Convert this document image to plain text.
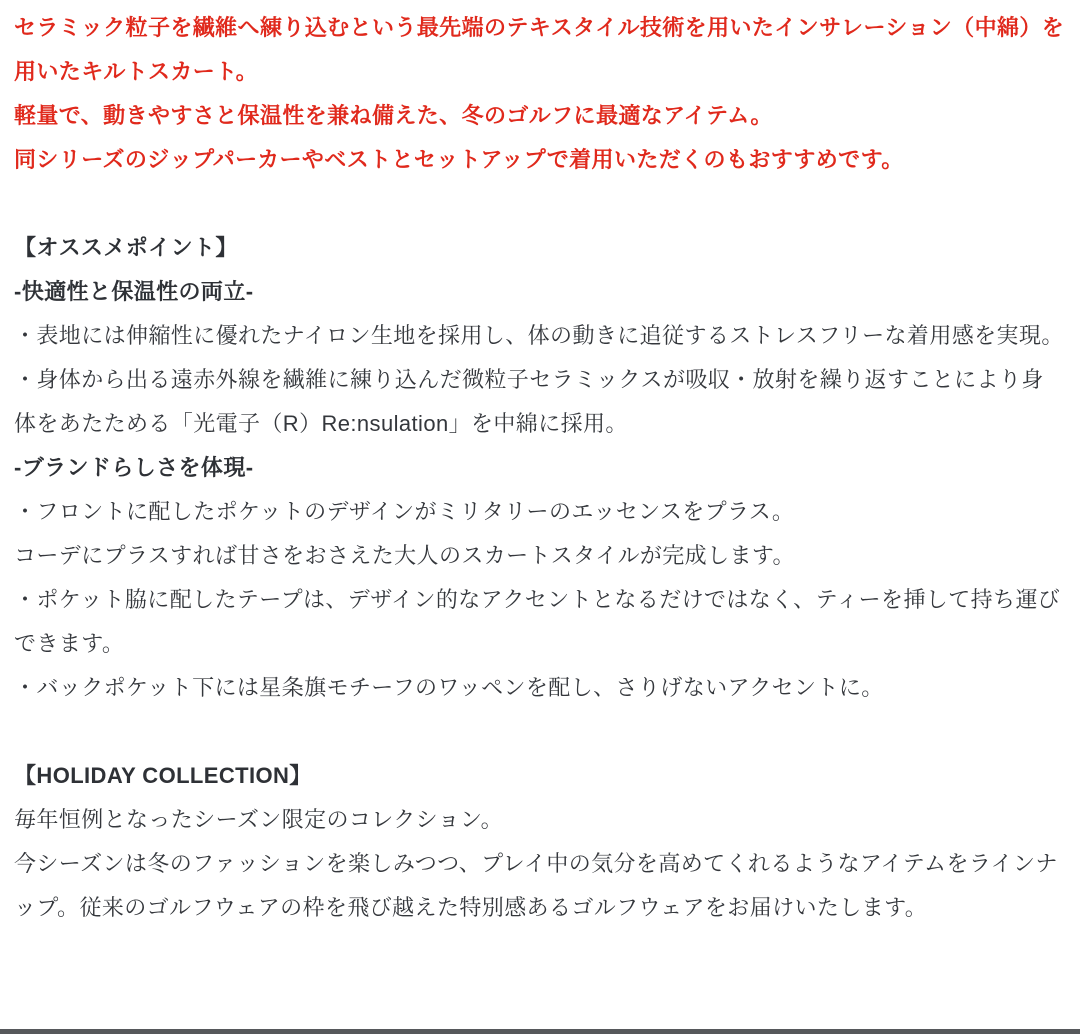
セラミック粒子を繊維へ練り込むという最先端のテキスタイル技術を用いたインサレーション（中綿）を用いたキルトスカート。

軽量で、動きやすさと保温性を兼ね備えた、冬のゴルフに最適なアイテム。

同シリーズのジップパーカーやベストとセットアップで着用いただくのもおすすめです。

【オススメポイント】

-快適性と保温性の両立-

・表地には伸縮性に優れたナイロン生地を採用し、体の動きに追従するストレスフリーな着用感を実現。

・身体から出る遠赤外線を繊維に練り込んだ微粒子セラミックスが吸収・放射を繰り返すことにより身体をあたためる「光電子（R）Re:nsulation」を中綿に採用。

-ブランドらしさを体現-

・フロントに配したポケットのデザインがミリタリーのエッセンスをプラス。

コーデにプラスすれば甘さをおさえた大人のスカートスタイルが完成します。

・ポケット脇に配したテープは、デザイン的なアクセントとなるだけではなく、ティーを挿して持ち運びできます。

・バックポケット下には星条旗モチーフのワッペンを配し、さりげないアクセントに。

【HOLIDAY COLLECTION】

毎年恒例となったシーズン限定のコレクション。

今シーズンは冬のファッションを楽しみつつ、プレイ中の気分を高めてくれるようなアイテムをラインナップ。従来のゴルフウェアの枠を飛び越えた特別感あるゴルフウェアをお届けいたします。
